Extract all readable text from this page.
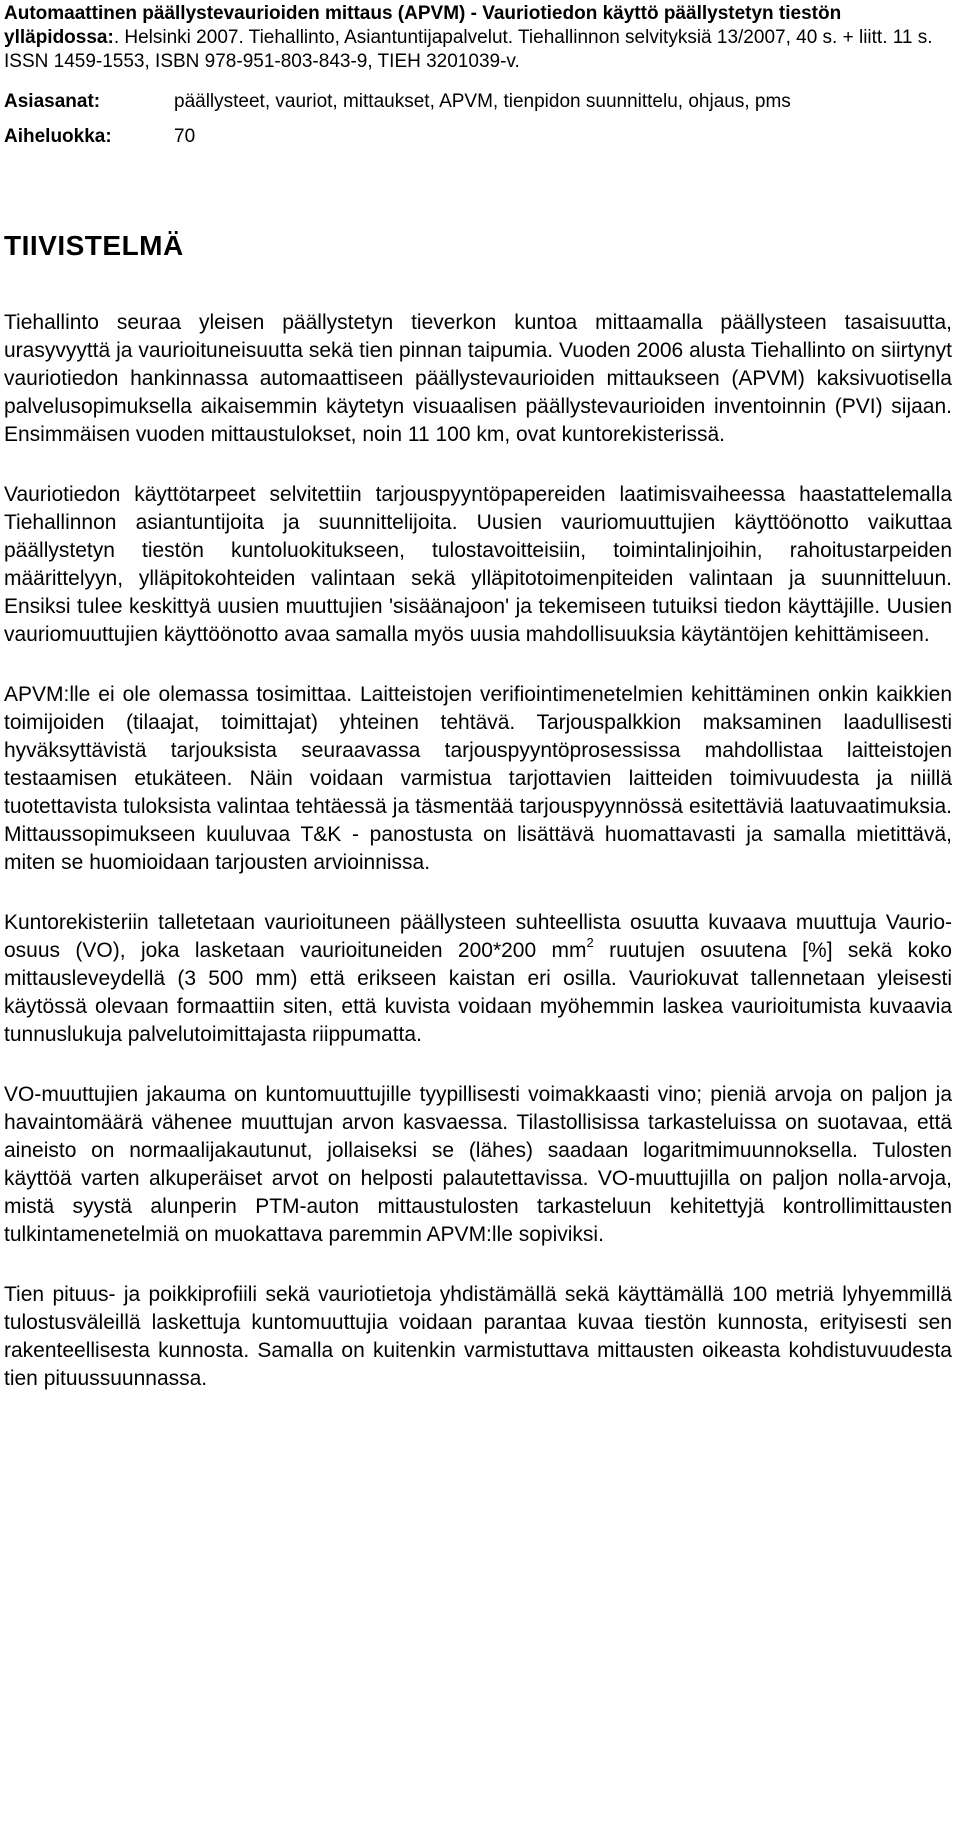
Automaattinen päällystevaurioiden mittaus (APVM) - Vauriotiedon käyttö päällystetyn tiestön ylläpidossa:. Helsinki 2007. Tiehallinto, Asiantuntijapalvelut. Tiehallinnon selvityksiä 13/2007, 40 s. + liitt. 11 s. ISSN 1459-1553, ISBN 978-951-803-843-9, TIEH 3201039-v.
Asiasanat:	päällysteet, vauriot, mittaukset, APVM, tienpidon suunnittelu, ohjaus, pms
Aiheluokka:	70
TIIVISTELMÄ

Tiehallinto seuraa yleisen päällystetyn tieverkon kuntoa mittaamalla päällysteen tasaisuutta, urasyvyyttä ja vaurioituneisuutta sekä tien pinnan taipumia. Vuoden 2006 alusta Tiehallinto on siirtynyt vauriotiedon hankinnassa automaattiseen päällystevaurioiden mittaukseen (APVM) kaksivuotisella palvelusopimuksella aikaisemmin käytetyn visuaalisen päällystevaurioiden inventoinnin (PVI) sijaan. Ensimmäisen vuoden mittaustulokset, noin 11 100 km, ovat kuntorekisterissä.

Vauriotiedon käyttötarpeet selvitettiin tarjouspyyntöpapereiden laatimisvaiheessa haastattelemalla Tiehallinnon asiantuntijoita ja suunnittelijoita. Uusien vauriomuuttujien käyttöönotto vaikuttaa päällystetyn tiestön kuntoluokitukseen, tulostavoitteisiin, toimintalinjoihin, rahoitustarpeiden määrittelyyn, ylläpitokohteiden valintaan sekä ylläpitotoimenpiteiden valintaan ja suunnitteluun. Ensiksi tulee keskittyä uusien muuttujien 'sisäänajoon' ja tekemiseen tutuiksi tiedon käyttäjille. Uusien vauriomuuttujien käyttöönotto avaa samalla myös uusia mahdollisuuksia käytäntöjen kehittämiseen.

APVM:lle ei ole olemassa tosimittaa. Laitteistojen verifiointimenetelmien kehittäminen onkin kaikkien toimijoiden (tilaajat, toimittajat) yhteinen tehtävä. Tarjouspalkkion maksaminen laadullisesti hyväksyttävistä tarjouksista seuraavassa tarjouspyyntöprosessissa mahdollistaa laitteistojen testaamisen etukäteen. Näin voidaan varmistua tarjottavien laitteiden toimivuudesta ja niillä tuotettavista tuloksista valintaa tehtäessä ja täsmentää tarjouspyynnössä esitettäviä laatuvaatimuksia. Mittaussopimukseen kuuluvaa T&K - panostusta on lisättävä huomattavasti ja samalla mietittävä, miten se huomioidaan tarjousten arvioinnissa.

Kuntorekisteriin talletetaan vaurioituneen päällysteen suhteellista osuutta kuvaava muuttuja Vaurio-osuus (VO), joka lasketaan vaurioituneiden 200*200 $mm^2$ ruutujen osuutena [%] sekä koko mittausleveydellä (3 500 mm) että erikseen kaistan eri osilla. Vauriokuvat tallennetaan yleisesti käytössä olevaan formaattiin siten, että kuvista voidaan myöhemmin laskea vaurioitumista kuvaavia tunnuslukuja palvelutoimittajasta riippumatta.

VO-muuttujien jakauma on kuntomuuttujille tyypillisesti voimakkaasti vino; pieniä arvoja on paljon ja havaintomäärä vähenee muuttujan arvon kasvaessa. Tilastollisissa tarkasteluissa on suotavaa, että aineisto on normaalijakautunut, jollaiseksi se (lähes) saadaan logaritmimuunnoksella. Tulosten käyttöä varten alkuperäiset arvot on helposti palautettavissa. VO-muuttujilla on paljon nolla-arvoja, mistä syystä alunperin PTM-auton mittaustulosten tarkasteluun kehitettyjä kontrollimittausten tulkintamenetelmiä on muokattava paremmin APVM:lle sopiviksi.

Tien pituus- ja poikkiprofiili sekä vauriotietoja yhdistämällä sekä käyttämällä 100 metriä lyhyemmillä tulostusväleillä laskettuja kuntomuuttujia voidaan parantaa kuvaa tiestön kunnosta, erityisesti sen rakenteellisesta kunnosta. Samalla on kuitenkin varmistuttava mittausten oikeasta kohdistuvuudesta tien pituussuunnassa.
